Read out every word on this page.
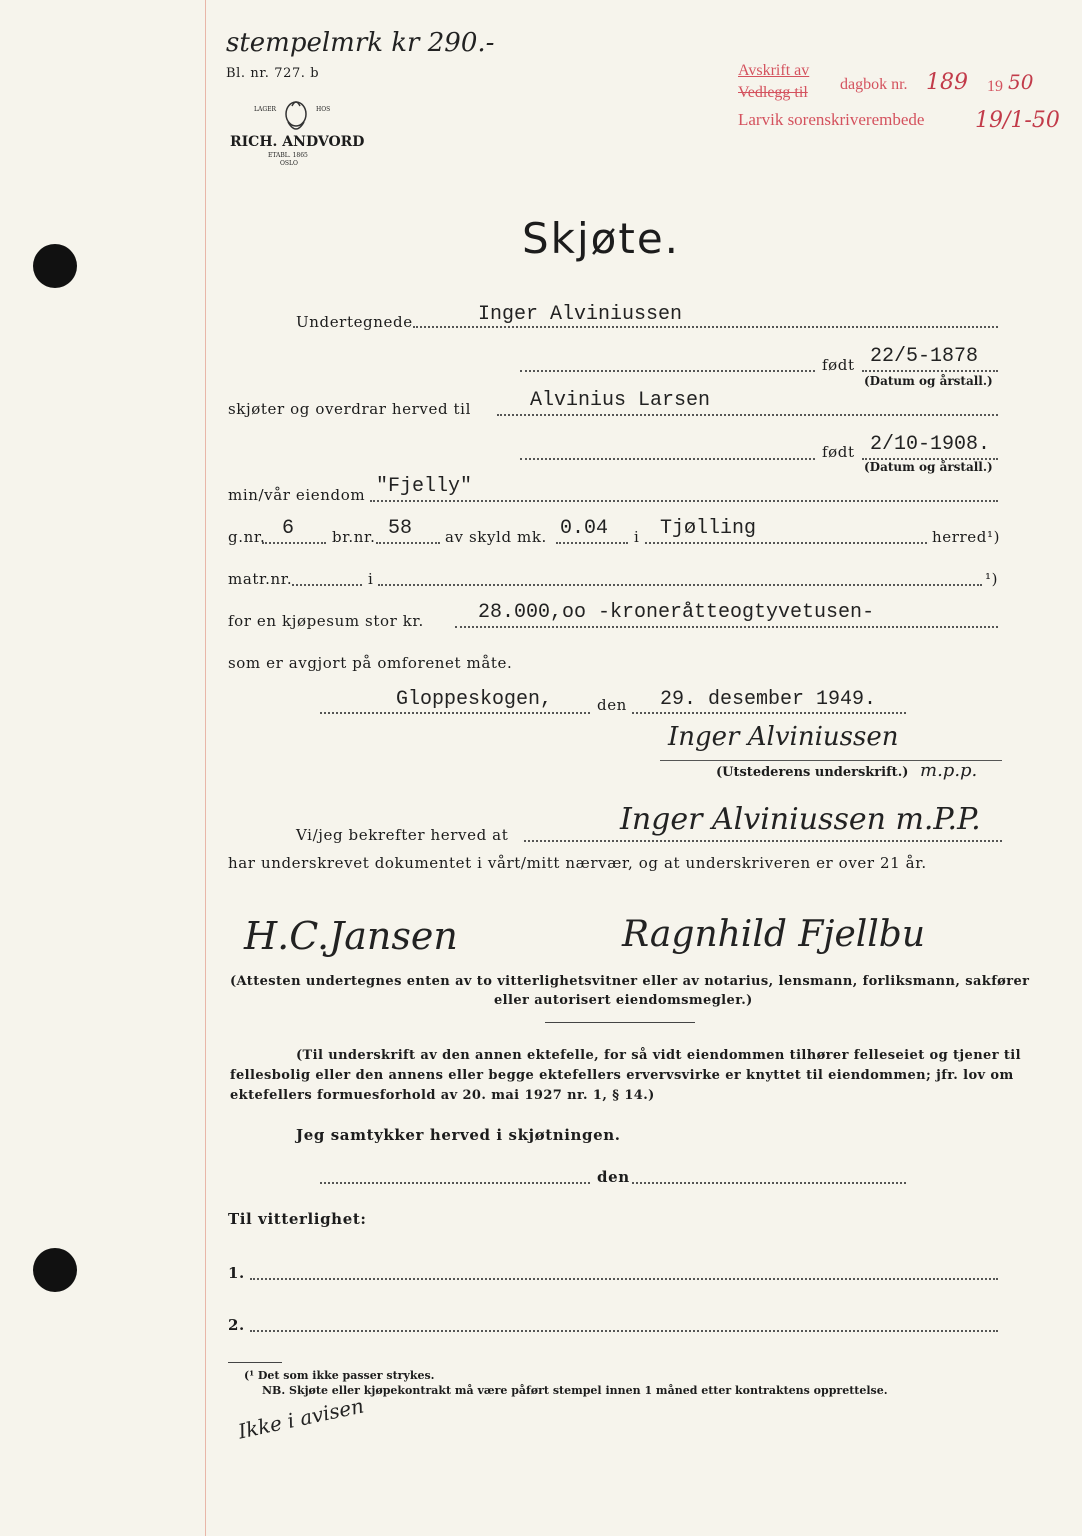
stempelmrk kr 290.-
Bl. nr. 727. b
LAGER	HOS
RICH. ANDVORD
ETABL. 1865
OSLO
Avskrift av
Vedlegg til dagbok nr. 189 19 50
Larvik sorenskriverembede 19/1-50
Skjøte.
Undertegnede	Inger Alviniussen
født 22/5-1878
(Datum og årstall.)
skjøter og overdrar herved til	Alvinius Larsen
født 2/10-1908.
(Datum og årstall.)
min/vår eiendom "Fjelly"
g.nr. 6	br.nr. 58 av skyld mk. 0.04 i Tjølling	herred¹)
matr.nr.	i	¹)
for en kjøpesum stor kr.	28.000,oo -kroneråtteogtyvetusen-
som er avgjort på omforenet måte.
Gloppeskogen,	den 29. desember 1949.
Inger Alviniussen
(Utstederens underskrift.) m.p.p.
Vi/jeg bekrefter herved at	Inger Alviniussen m.P.P.
har underskrevet dokumentet i vårt/mitt nærvær, og at underskriveren er over 21 år.
H.C.Jansen	Ragnhild Fjellbu
(Attesten undertegnes enten av to vitterlighetsvitner eller av notarius, lensmann, forliksmann, sakfører
eller autorisert eiendomsmegler.)
(Til underskrift av den annen ektefelle, for så vidt eiendommen tilhører felleseiet og tjener til
fellesbolig eller den annens eller begge ektefellers ervervsvirke er knyttet til eiendommen; jfr. lov om
ektefellers formuesforhold av 20. mai 1927 nr. 1, § 14.)
Jeg samtykker herved i skjøtningen.
den
Til vitterlighet:
1.
2.
(¹ Det som ikke passer strykes.
NB. Skjøte eller kjøpekontrakt må være påført stempel innen 1 måned etter kontraktens opprettelse.
Ikke i avisen
